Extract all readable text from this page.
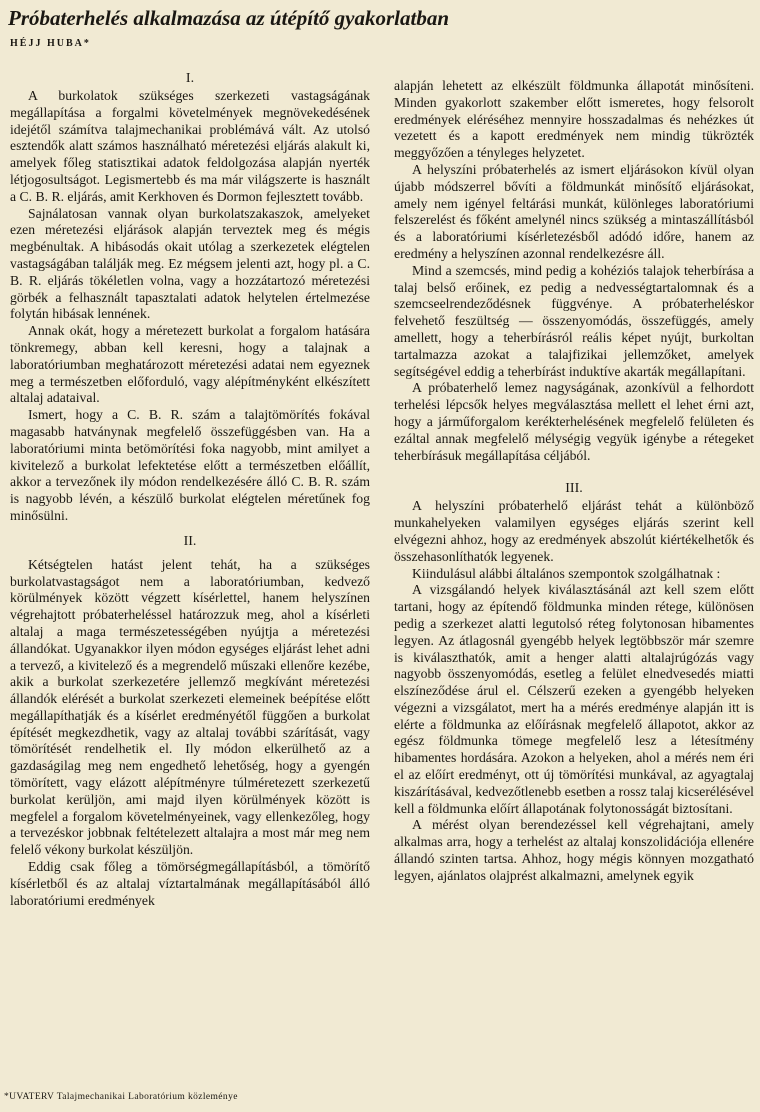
Próbaterhelés alkalmazása az útépítő gyakorlatban
HÉJJ HUBA*
I.

A burkolatok szükséges szerkezeti vastagságának megállapítása a forgalmi követelmények megnövekedésének idejétől számítva talajmechanikai problémává vált. Az utolsó esztendők alatt számos használható méretezési eljárás alakult ki, amelyek főleg statisztikai adatok feldolgozása alapján nyerték létjogosultságot. Legismertebb és ma már világszerte is használt a C. B. R. eljárás, amit Kerkhoven és Dormon fejlesztett tovább.

Sajnálatosan vannak olyan burkolatszakaszok, amelyeket ezen méretezési eljárások alapján terveztek meg és mégis megbénultak. A hibásodás okait utólag a szerkezetek elégtelen vastagságában találják meg. Ez mégsem jelenti azt, hogy pl. a C. B. R. eljárás tökéletlen volna, vagy a hozzátartozó méretezési görbék a felhasznált tapasztalati adatok helytelen értelmezése folytán hibásak lennének.

Annak okát, hogy a méretezett burkolat a forgalom hatására tönkremegy, abban kell keresni, hogy a talajnak a laboratóriumban meghatározott méretezési adatai nem egyeznek meg a természetben előforduló, vagy alépítményként elkészített altalaj adataival.

Ismert, hogy a C. B. R. szám a talajtömörítés fokával magasabb hatványnak megfelelő összefüggésben van. Ha a laboratóriumi minta betömörítési foka nagyobb, mint amilyet a kivitelező a burkolat lefektetése előtt a természetben előállít, akkor a tervezőnek ily módon rendelkezésére álló C. B. R. szám is nagyobb lévén, a készülő burkolat elégtelen méretűnek fog minősülni.

II.

Kétségtelen hatást jelent tehát, ha a szükséges burkolatvastagságot nem a laboratóriumban, kedvező körülmények között végzett kísérlettel, hanem helyszínen végrehajtott próbaterheléssel határozzuk meg, ahol a kísérleti altalaj a maga természetességében nyújtja a méretezési állandókat. Ugyanakkor ilyen módon egységes eljárást lehet adni a tervező, a kivitelező és a megrendelő műszaki ellenőre kezébe, akik a burkolat szerkezetére jellemző megkívánt méretezési állandók elérését a burkolat szerkezeti elemeinek beépítése előtt megállapíthatják és a kísérlet eredményétől függően a burkolat építését megkezdhetik, vagy az altalaj további szárítását, vagy tömörítését rendelhetik el. Ily módon elkerülhető az a gazdaságilag meg nem engedhető lehetőség, hogy a gyengén tömörített, vagy elázott alépítményre túlméretezett szerkezetű burkolat kerüljön, ami majd ilyen körülmények között is megfelel a forgalom követelményeinek, vagy ellenkezőleg, hogy a tervezéskor jobbnak feltételezett altalajra a most már meg nem felelő vékony burkolat készüljön.

Eddig csak főleg a tömörségmegállapításból, a tömörítő kísérletből és az altalaj víztartalmának megállapításából álló laboratóriumi eredmények

alapján lehetett az elkészült földmunka állapotát minősíteni. Minden gyakorlott szakember előtt ismeretes, hogy felsorolt eredmények eléréséhez mennyire hosszadalmas és nehézkes út vezetett és a kapott eredmények nem mindig tükrözték meggyőzően a tényleges helyzetet.

A helyszíni próbaterhelés az ismert eljárásokon kívül olyan újabb módszerrel bővíti a földmunkát minősítő eljárásokat, amely nem igényel feltárási munkát, különleges laboratóriumi felszerelést és főként amelynél nincs szükség a mintaszállításból és a laboratóriumi kísérletezésből adódó időre, hanem az eredmény a helyszínen azonnal rendelkezésre áll.

Mind a szemcsés, mind pedig a kohéziós talajok teherbírása a talaj belső erőinek, ez pedig a nedvességtartalomnak és a szemcseelrendeződésnek függvénye. A próbaterheléskor felvehető feszültség — összenyomódás, összefüggés, amely amellett, hogy a teherbírásról reális képet nyújt, burkoltan tartalmazza azokat a talajfizikai jellemzőket, amelyek segítségével eddig a teherbírást induktíve akarták megállapítani.

A próbaterhelő lemez nagyságának, azonkívül a felhordott terhelési lépcsők helyes megválasztása mellett el lehet érni azt, hogy a járműforgalom kerékterhelésének megfelelő felületen és ezáltal annak megfelelő mélységig vegyük igénybe a rétegeket teherbírásuk megállapítása céljából.

III.

A helyszíni próbaterhelő eljárást tehát a különböző munkahelyeken valamilyen egységes eljárás szerint kell elvégezni ahhoz, hogy az eredmények abszolút kiértékelhetők és összehasonlíthatók legyenek.

Kiindulásul alábbi általános szempontok szolgálhatnak :

A vizsgálandó helyek kiválasztásánál azt kell szem előtt tartani, hogy az építendő földmunka minden rétege, különösen pedig a szerkezet alatti legutolsó réteg folytonosan hibamentes legyen. Az átlagosnál gyengébb helyek legtöbbször már szemre is kiválaszthatók, amit a henger alatti altalajrúgózás vagy nagyobb összenyomódás, esetleg a felület elnedvesedés miatti elszíneződése árul el. Célszerű ezeken a gyengébb helyeken végezni a vizsgálatot, mert ha a mérés eredménye alapján itt is elérte a földmunka az előírásnak megfelelő állapotot, akkor az egész földmunka tömege megfelelő lesz a létesítmény hibamentes hordására. Azokon a helyeken, ahol a mérés nem éri el az előírt eredményt, ott új tömörítési munkával, az agyagtalaj kiszárításával, kedvezőtlenebb esetben a rossz talaj kicserélésével kell a földmunka előírt állapotának folytonosságát biztosítani.

A mérést olyan berendezéssel kell végrehajtani, amely alkalmas arra, hogy a terhelést az altalaj konszolidációja ellenére állandó szinten tartsa. Ahhoz, hogy mégis könnyen mozgatható legyen, ajánlatos olajprést alkalmazni, amelynek egyik

*UVATERV Talajmechanikai Laboratórium közleménye
